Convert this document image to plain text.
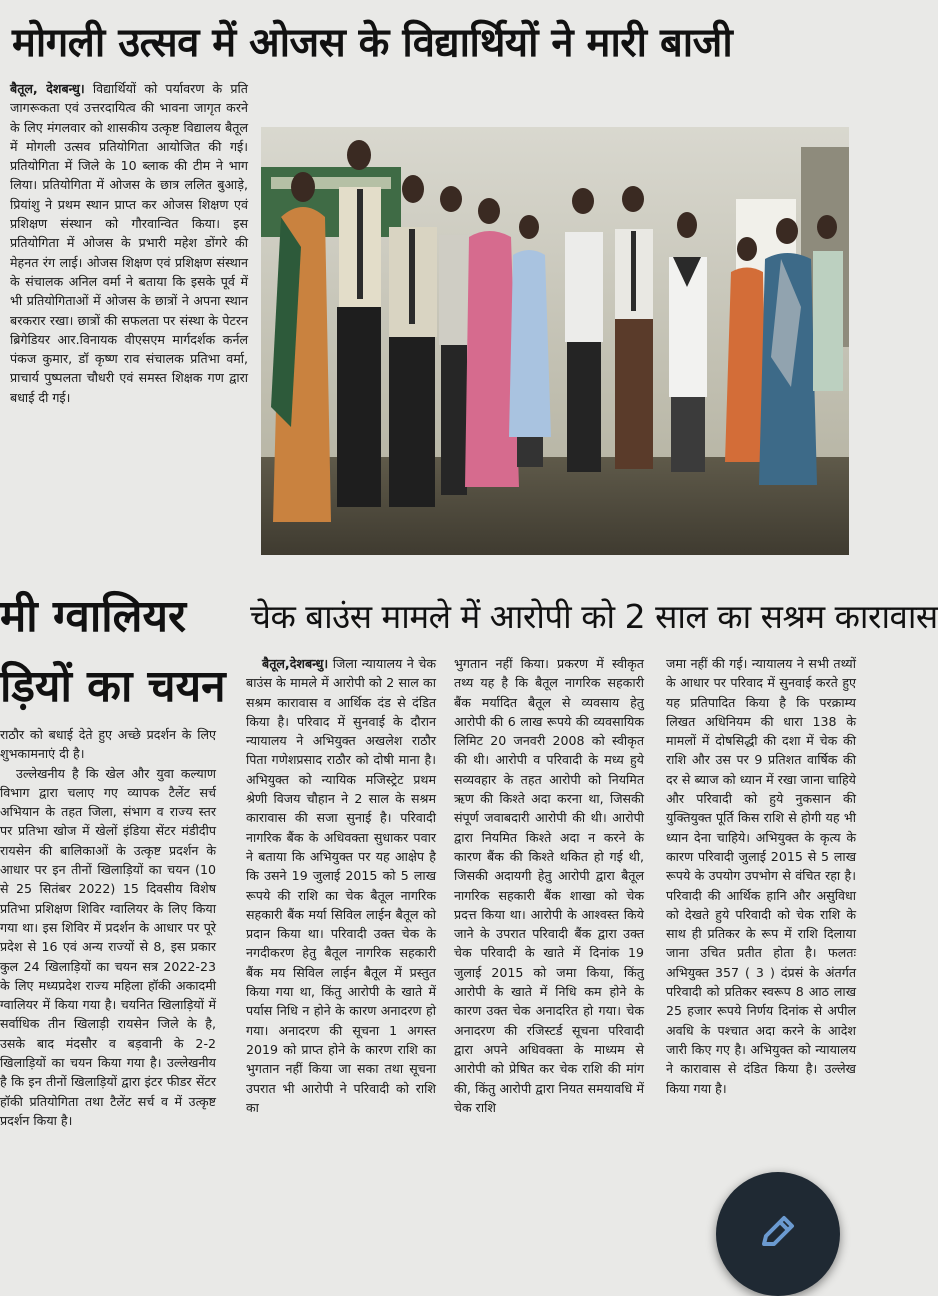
मोगली उत्सव में ओजस के विद्यार्थियों ने मारी बाजी

बैतूल, देशबन्धु। विद्यार्थियों को पर्यावरण के प्रति जागरूकता एवं उत्तरदायित्व की भावना जागृत करने के लिए मंगलवार को शासकीय उत्कृष्ट विद्यालय बैतूल में मोगली उत्सव प्रतियोगिता आयोजित की गई। प्रतियोगिता में जिले के 10 ब्लाक की टीम ने भाग लिया। प्रतियोगिता में ओजस के छात्र ललित बुआड़े, प्रियांशु ने प्रथम स्थान प्राप्त कर ओजस शिक्षण एवं प्रशिक्षण संस्थान को गौरवान्वित किया। इस प्रतियोगिता में ओजस के प्रभारी महेश डोंगरे की मेहनत रंग लाई। ओजस शिक्षण एवं प्रशिक्षण संस्थान के संचालक अनिल वर्मा ने बताया कि इसके पूर्व में भी प्रतियोगिताओं में ओजस के छात्रों ने अपना स्थान बरकरार रखा। छात्रों की सफलता पर संस्था के पेटरन ब्रिगेडियर आर.विनायक वीएसएम मार्गदर्शक कर्नल पंकज कुमार, डॉ कृष्ण राव संचालक प्रतिभा वर्मा, प्राचार्य पुष्पलता चौधरी एवं समस्त शिक्षक गण द्वारा बधाई दी गई।

मी ग्वालियर
ड़ियों का चयन

राठौर को बधाई देते हुए अच्छे प्रदर्शन के लिए शुभकामनाएं दी है।

उल्लेखनीय है कि खेल और युवा कल्याण विभाग द्वारा चलाए गए व्यापक टैलेंट सर्च अभियान के तहत जिला, संभाग व राज्य स्तर पर प्रतिभा खोज में खेलों इंडिया सेंटर मंडीदीप रायसेन की बालिकाओं के उत्कृष्ट प्रदर्शन के आधार पर इन तीनों खिलाड़ियों का चयन (10 से 25 सितंबर 2022) 15 दिवसीय विशेष प्रतिभा प्रशिक्षण शिविर ग्वालियर के लिए किया गया था। इस शिविर में प्रदर्शन के आधार पर पूरे प्रदेश से 16 एवं अन्य राज्यों से 8, इस प्रकार कुल 24 खिलाड़ियों का चयन सत्र 2022-23 के लिए मध्यप्रदेश राज्य महिला हॉकी अकादमी ग्वालियर में किया गया है। चयनित खिलाड़ियों में सर्वाधिक तीन खिलाड़ी रायसेन जिले के है, उसके बाद मंदसौर व बड़वानी के 2-2 खिलाड़ियों का चयन किया गया है। उल्लेखनीय है कि इन तीनों खिलाड़ियों द्वारा इंटर फीडर सेंटर हॉकी प्रतियोगिता तथा टैलेंट सर्च व में उत्कृष्ट प्रदर्शन किया है।

चेक बाउंस मामले में आरोपी को 2 साल का सश्रम कारावास

बैतूल,देशबन्धु। जिला न्यायालय ने चेक बाउंस के मामले में आरोपी को 2 साल का सश्रम कारावास व आर्थिक दंड से दंडित किया है। परिवाद में सुनवाई के दौरान न्यायालय ने अभियुक्त अखलेश राठौर पिता गणेशप्रसाद राठौर को दोषी माना है। अभियुक्त को न्यायिक मजिस्ट्रेट प्रथम श्रेणी विजय चौहान ने 2 साल के सश्रम कारावास की सजा सुनाई है। परिवादी नागरिक बैंक के अधिवक्ता सुधाकर पवार ने बताया कि अभियुक्त पर यह आक्षेप है कि उसने 19 जुलाई 2015 को 5 लाख रूपये की राशि का चेक बैतूल नागरिक सहकारी बैंक मर्या सिविल लाईन बैतूल को प्रदान किया था। परिवादी उक्त चेक के नगदीकरण हेतु बैतूल नागरिक सहकारी बैंक मय सिविल लाईन बैतूल में प्रस्तुत किया गया था, किंतु आरोपी के खाते में पर्यास निधि न होने के कारण अनादरण हो गया। अनादरण की सूचना 1 अगस्त 2019 को प्राप्त होने के कारण राशि का भुगतान नहीं किया जा सका तथा सूचना उपरात भी आरोपी ने परिवादी को राशि का

भुगतान नहीं किया। प्रकरण में स्वीकृत तथ्य यह है कि बैतूल नागरिक सहकारी बैंक मर्यादित बैतूल से व्यवसाय हेतु आरोपी की 6 लाख रूपये की व्यवसायिक लिमिट 20 जनवरी 2008 को स्वीकृत की थी। आरोपी व परिवादी के मध्य हुये सव्यवहार के तहत आरोपी को नियमित ऋण की किश्ते अदा करना था, जिसकी संपूर्ण जवाबदारी आरोपी की थी। आरोपी द्वारा नियमित किश्ते अदा न करने के कारण बैंक की किश्ते थकित हो गई थी, जिसकी अदायगी हेतु आरोपी द्वारा बैतूल नागरिक सहकारी बैंक शाखा को चेक प्रदत्त किया था। आरोपी के आश्वस्त किये जाने के उपरात परिवादी बैंक द्वारा उक्त चेक परिवादी के खाते में दिनांक 19 जुलाई 2015 को जमा किया, किंतु आरोपी के खाते में निधि कम होने के कारण उक्त चेक अनादरित हो गया। चेक अनादरण की रजिस्टर्ड सूचना परिवादी द्वारा अपने अधिवक्ता के माध्यम से आरोपी को प्रेषित कर चेक राशि की मांग की, किंतु आरोपी द्वारा नियत समयावधि में चेक राशि

जमा नहीं की गई। न्यायालय ने सभी तथ्यों के आधार पर परिवाद में सुनवाई करते हुए यह प्रतिपादित किया है कि परक्राम्य लिखत अधिनियम की धारा 138 के मामलों में दोषसिद्धी की दशा में चेक की राशि और उस पर 9 प्रतिशत वार्षिक की दर से ब्याज को ध्यान में रखा जाना चाहिये और परिवादी को हुये नुकसान की युक्तियुक्त पूर्ति किस राशि से होगी यह भी ध्यान देना चाहिये। अभियुक्त के कृत्य के कारण परिवादी जुलाई 2015 से 5 लाख रूपये के उपयोग उपभोग से वंचित रहा है। परिवादी की आर्थिक हानि और असुविधा को देखते हुये परिवादी को चेक राशि के साथ ही प्रतिकर के रूप में राशि दिलाया जाना उचित प्रतीत होता है। फलतः अभियुक्त 357 ( 3 ) दंप्रसं के अंतर्गत परिवादी को प्रतिकर स्वरूप 8 आठ लाख 25 हजार रूपये निर्णय दिनांक से अपील अवधि के पश्चात अदा करने के आदेश जारी किए गए है। अभियुक्त को न्यायालय ने कारावास से दंडित किया है। उल्लेख किया गया है।
